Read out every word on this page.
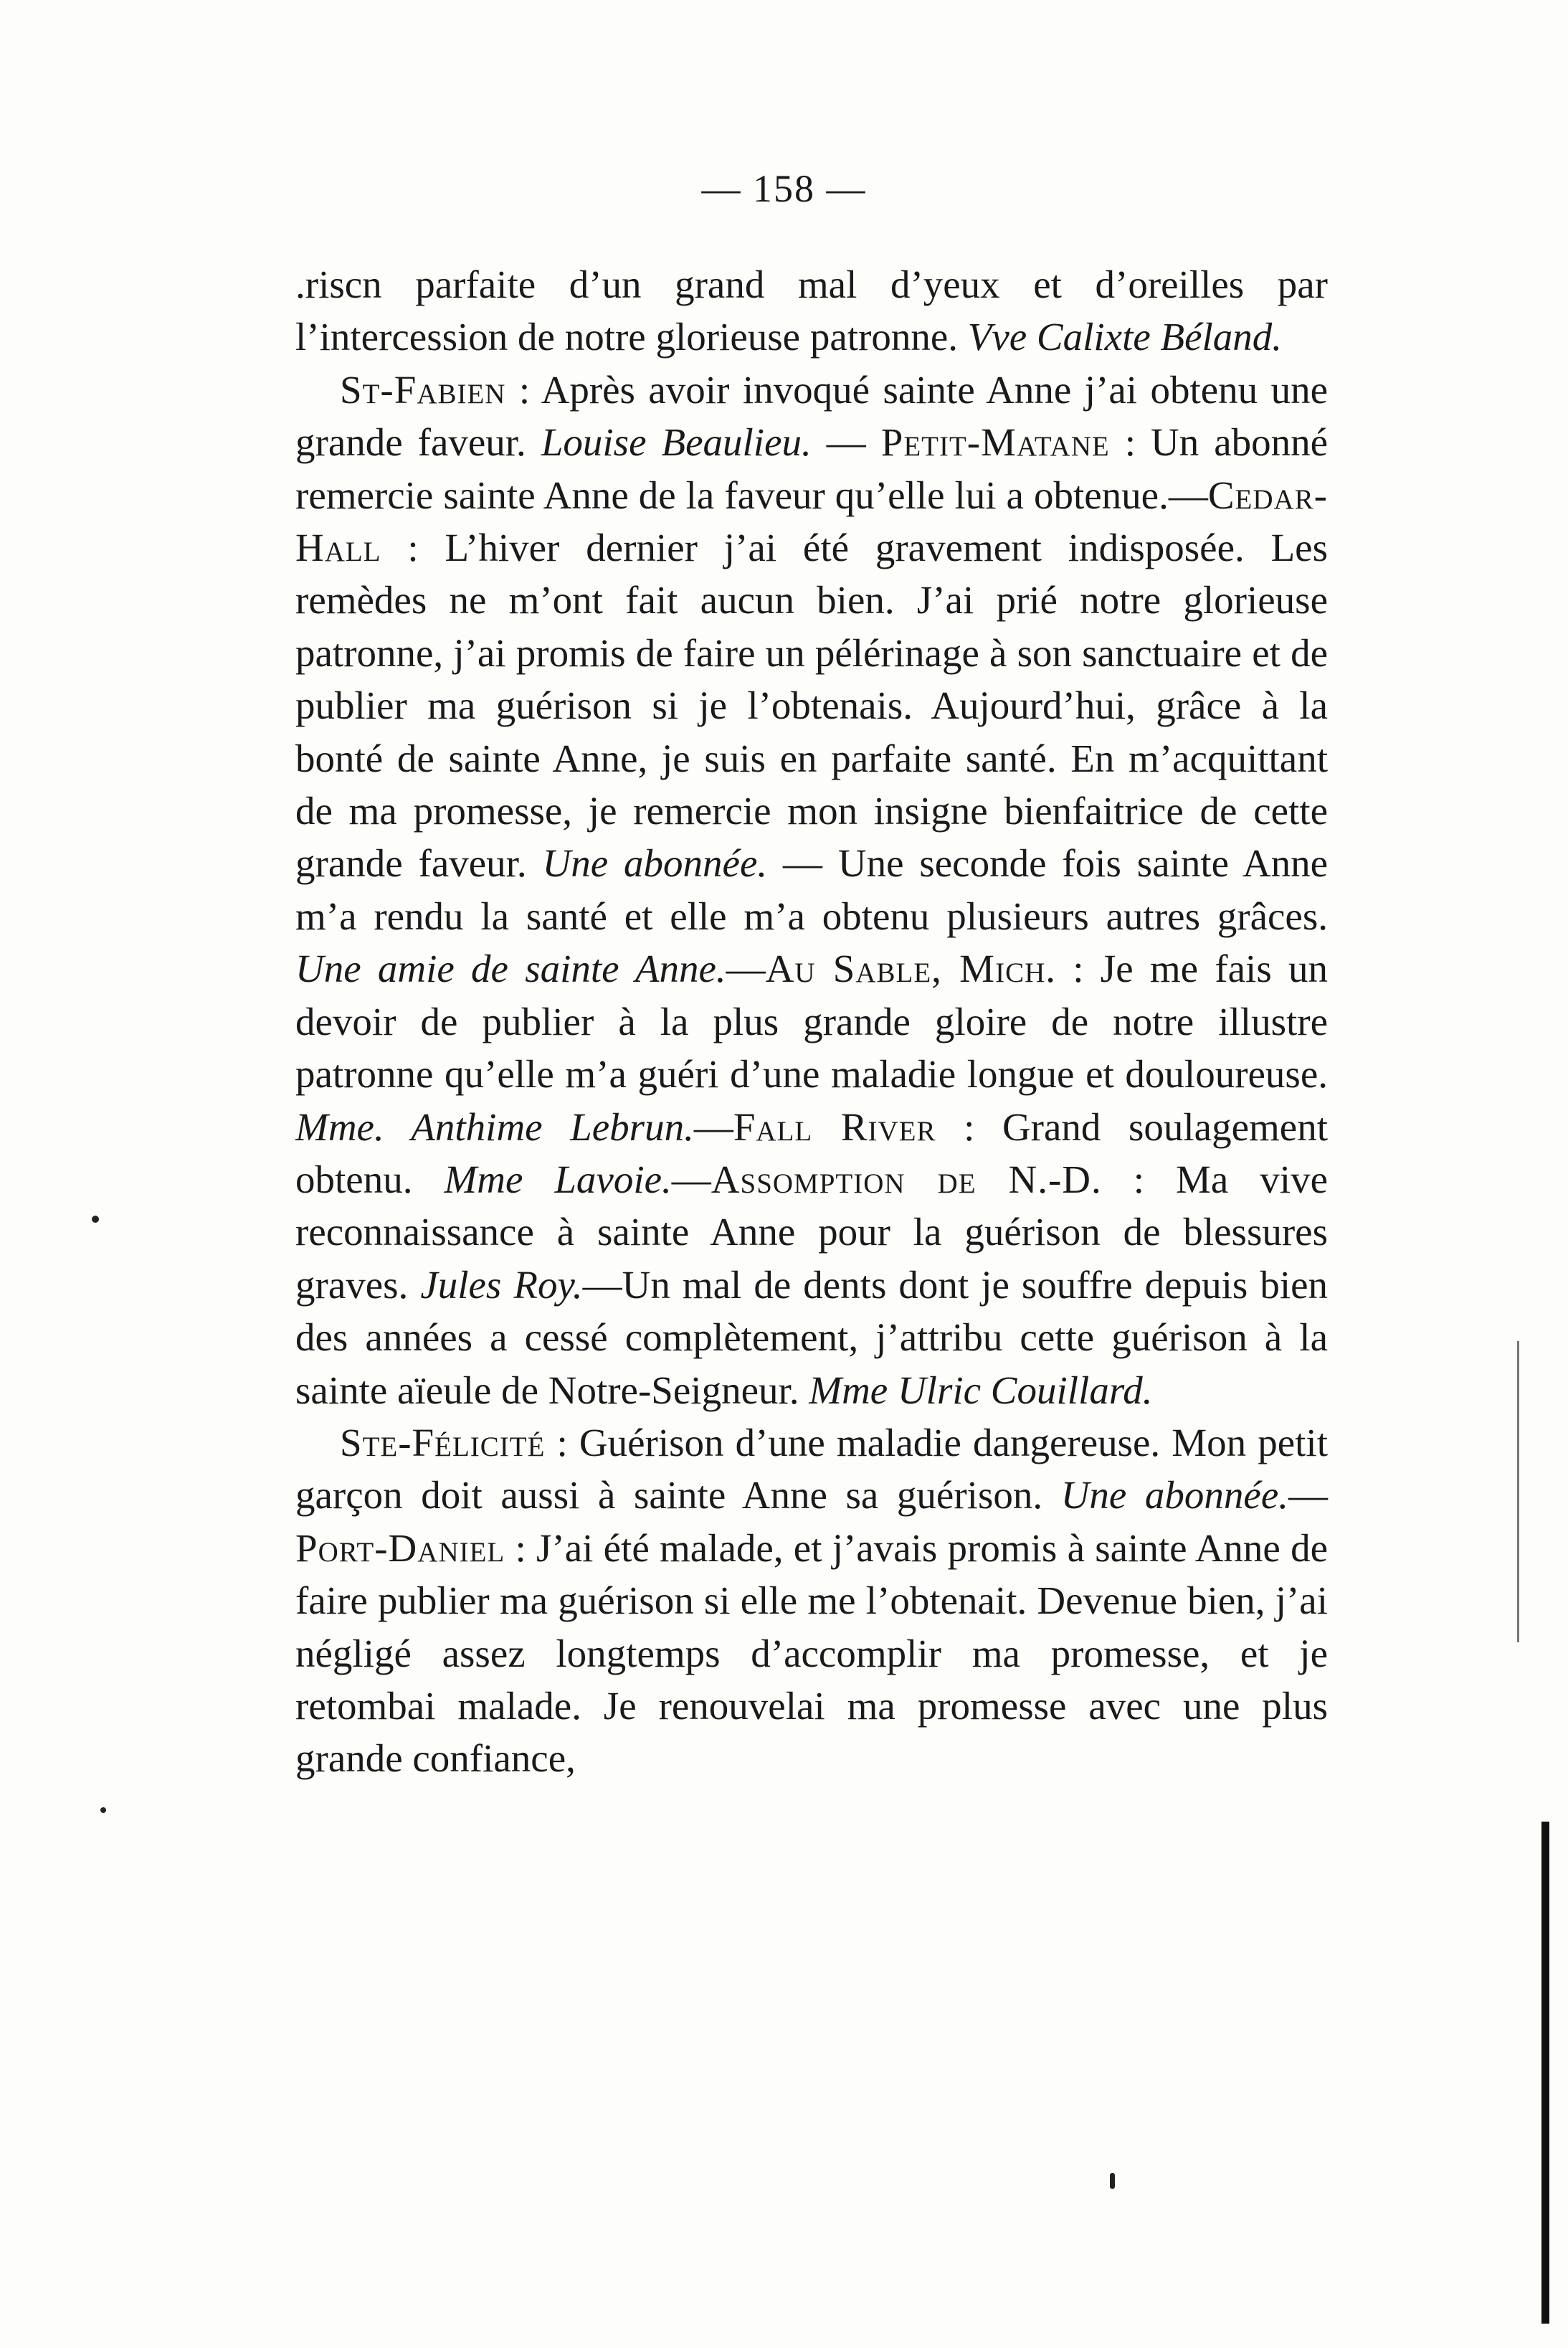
— 158 —

.riscn parfaite d’un grand mal d’yeux et d’oreilles par l’intercession de notre glorieuse patronne. Vve Calixte Béland.

St-Fabien : Après avoir invoqué sainte Anne j’ai obtenu une grande faveur. Louise Beaulieu. — Petit-Matane : Un abonné remercie sainte Anne de la faveur qu’elle lui a obtenue.—Cedar-Hall : L’hiver dernier j’ai été gravement indisposée. Les remèdes ne m’ont fait aucun bien. J’ai prié notre glorieuse patronne, j’ai promis de faire un pélérinage à son sanctuaire et de publier ma guérison si je l’obtenais. Aujourd’hui, grâce à la bonté de sainte Anne, je suis en parfaite santé. En m’acquittant de ma promesse, je remercie mon insigne bienfaitrice de cette grande faveur. Une abonnée. — Une seconde fois sainte Anne m’a rendu la santé et elle m’a obtenu plusieurs autres grâces. Une amie de sainte Anne.—Au Sable, Mich. : Je me fais un devoir de publier à la plus grande gloire de notre illustre patronne qu’elle m’a guéri d’une maladie longue et douloureuse. Mme. Anthime Lebrun.—Fall River : Grand soulagement obtenu. Mme Lavoie.—Assomption de N.-D. : Ma vive reconnaissance à sainte Anne pour la guérison de blessures graves. Jules Roy.—Un mal de dents dont je souffre depuis bien des années a cessé complètement, j’attribu cette guérison à la sainte aïeule de Notre-Seigneur. Mme Ulric Couillard.

Ste-Félicité : Guérison d’une maladie dangereuse. Mon petit garçon doit aussi à sainte Anne sa guérison. Une abonnée.—Port-Daniel : J’ai été malade, et j’avais promis à sainte Anne de faire publier ma guérison si elle me l’obtenait. Devenue bien, j’ai négligé assez longtemps d’accomplir ma promesse, et je retombai malade. Je renouvelai ma promesse avec une plus grande confiance,
